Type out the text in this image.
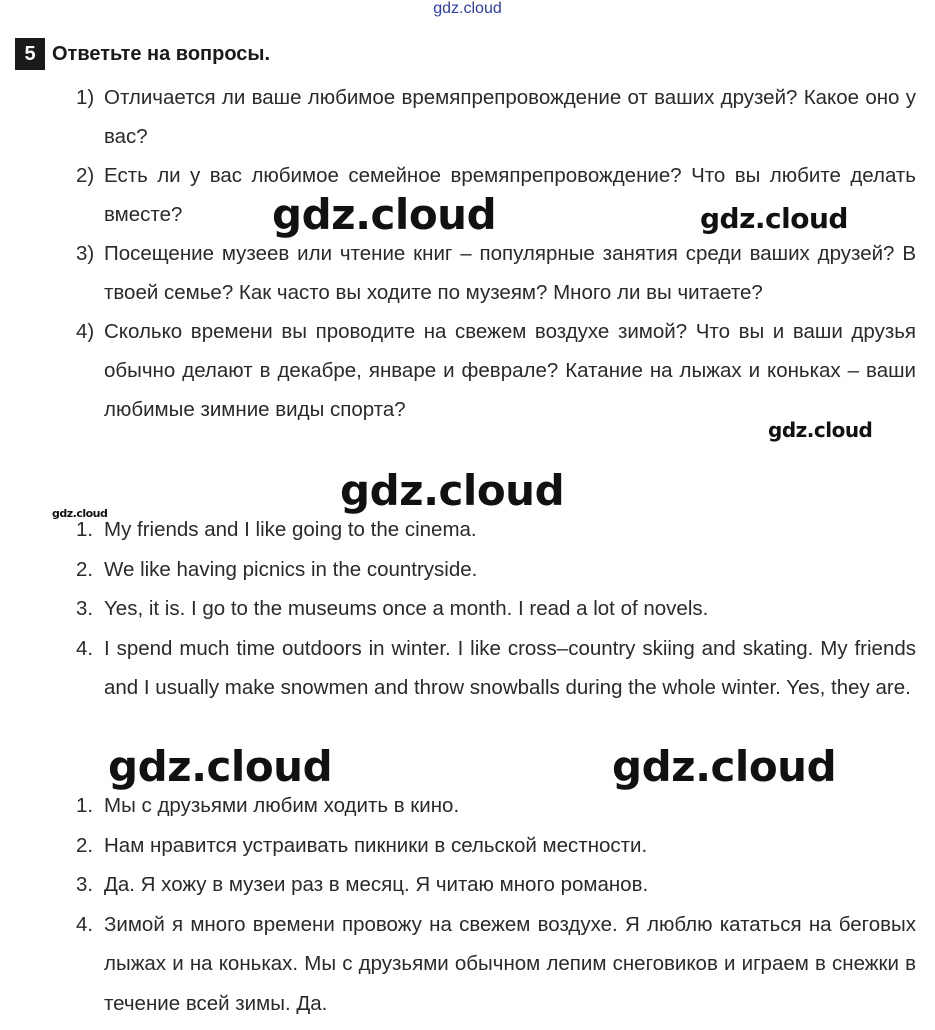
gdz.cloud
5 Ответьте на вопросы.
1) Отличается ли ваше любимое времяпрепровождение от ваших друзей? Какое оно у вас?
2) Есть ли у вас любимое семейное времяпрепровождение? Что вы любите делать вместе?
3) Посещение музеев или чтение книг – популярные занятия среди ваших друзей? В твоей семье? Как часто вы ходите по музеям? Много ли вы читаете?
4) Сколько времени вы проводите на свежем воздухе зимой? Что вы и ваши друзья обычно делают в декабре, январе и феврале? Катание на лыжах и коньках – ваши любимые зимние виды спорта?
1. My friends and I like going to the cinema.
2. We like having picnics in the countryside.
3. Yes, it is. I go to the museums once a month. I read a lot of novels.
4. I spend much time outdoors in winter. I like cross–country skiing and skating. My friends and I usually make snowmen and throw snowballs during the whole winter. Yes, they are.
1. Мы с друзьями любим ходить в кино.
2. Нам нравится устраивать пикники в сельской местности.
3. Да. Я хожу в музеи раз в месяц. Я читаю много романов.
4. Зимой я много времени провожу на свежем воздухе. Я люблю кататься на беговых лыжах и на коньках. Мы с друзьями обычном лепим снеговиков и играем в снежки в течение всей зимы. Да.
gdz.cloud	gdz.cloud
gdz.cloud
gdz.cloud
gdz.cloud
gdz.cloud	gdz.cloud
